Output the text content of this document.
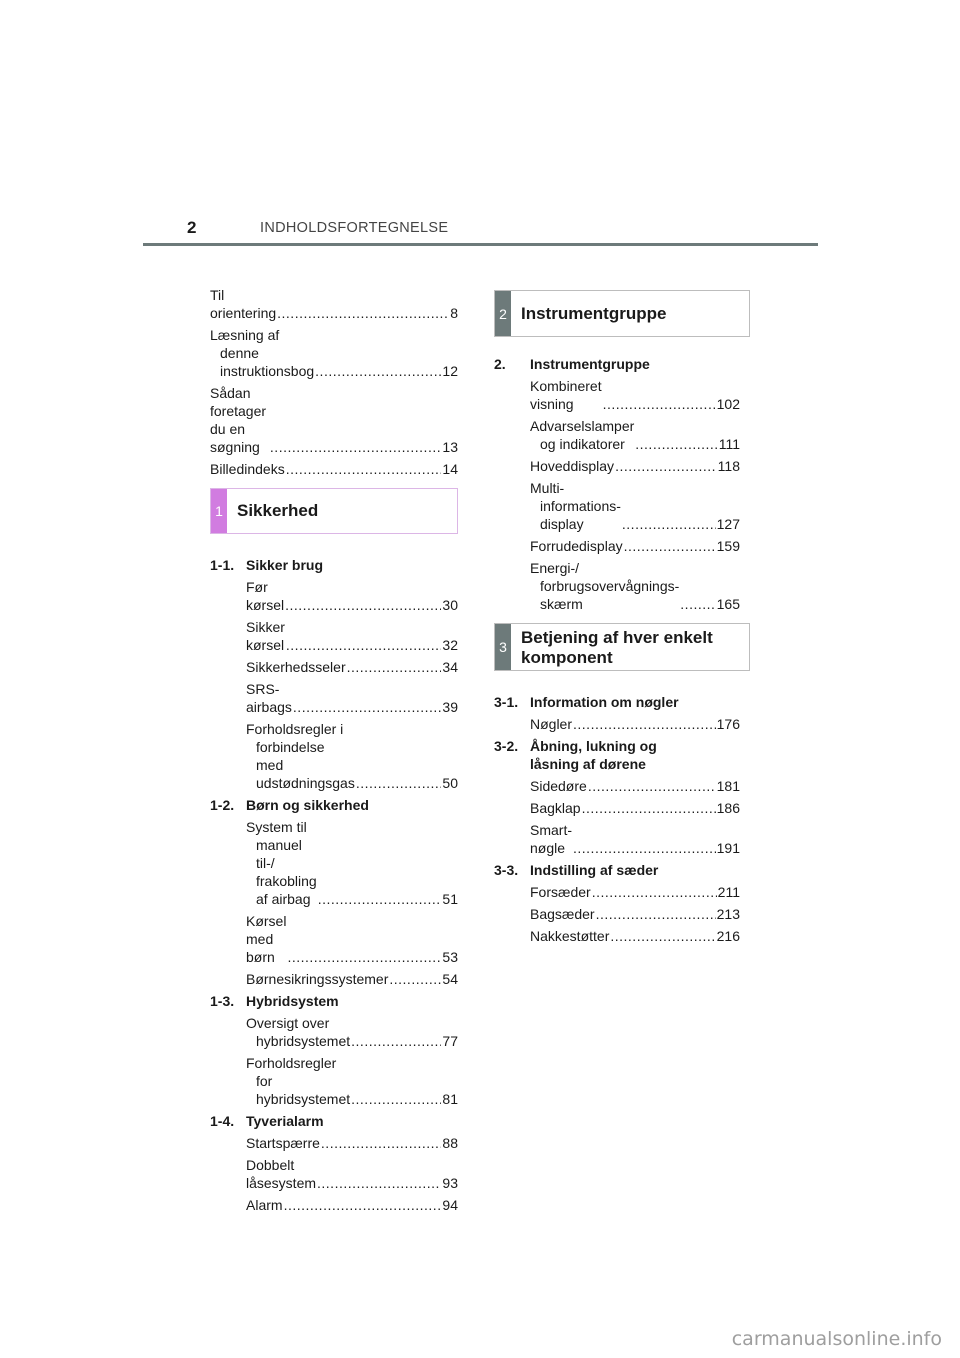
2	INDHOLDSFORTEGNELSE
Til orientering .....	8
Læsning af denne instruktionsbog .....	12
Sådan foretager du en søgning .....	13
Billedindeks .....	14
1 Sikkerhed
1-1. Sikker brug
Før kørsel .....	30
Sikker kørsel .....	32
Sikkerhedsseler .....	34
SRS-airbags .....	39
Forholdsregler i forbindelse med udstødningsgas .....	50
1-2. Børn og sikkerhed
System til manuel til-/ frakobling af airbag .....	51
Kørsel med børn .....	53
Børnesikringssystemer .....	54
1-3. Hybridsystem
Oversigt over hybridsystemet .....	77
Forholdsregler for hybridsystemet .....	81
1-4. Tyverialarm
Startspærre .....	88
Dobbelt låsesystem .....	93
Alarm .....	94
2 Instrumentgruppe
2.	Instrumentgruppe
Kombineret visning .....	102
Advarselslamper og indikatorer .....	111
Hoveddisplay .....	118
Multi-informations- display .....	127
Forrudedisplay .....	159
Energi-/ forbrugsovervågnings- skærm .....	165
3 Betjening af hver enkelt komponent
3-1. Information om nøgler
Nøgler .....	176
3-2. Åbning, lukning og låsning af dørene
Sidedøre .....	181
Bagklap .....	186
Smart-nøgle .....	191
3-3. Indstilling af sæder
Forsæder .....	211
Bagsæder .....	213
Nakkestøtter .....	216
carmanualsonline.info
